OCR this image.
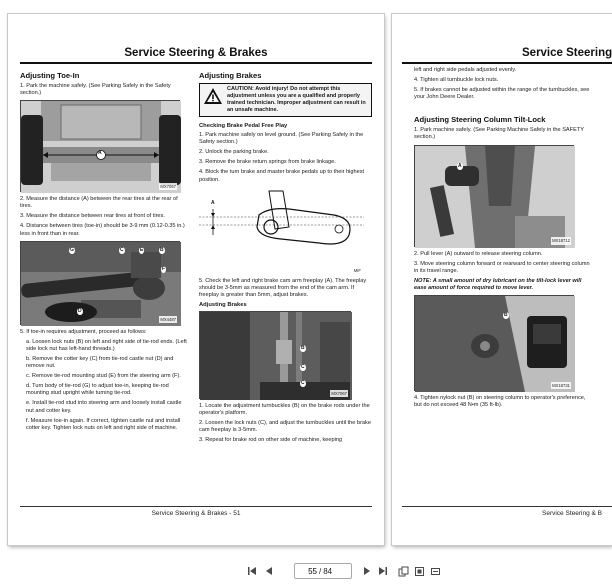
Service Steering & Brakes
Adjusting Toe-In

1. Park the machine safely. (See Parking Safely in the Safety section.)

A
MX7057

2. Measure the distance (A) between the rear tires at the rear of tires.

3. Measure the distance between rear tires at front of tires.

4. Distance between tires (toe-in) should be 3-9 mm (0.12-0.35 in.) less in front than in rear.

G	C	E	B
F
D
MX4487

5. If toe-in requires adjustment, proceed as follows:

a. Loosen lock nuts (B) on left and right side of tie-rod ends. (Left side lock nut has left-hand threads.)

b. Remove the cotter key (C) from tie-rod castle nut (D) and remove nut.

c. Remove tie-rod mounting stud (E) from the steering arm (F).

d. Turn body of tie-rod (G) to adjust toe-in, keeping tie-rod mounting stud upright while turning tie-rod.

e. Install tie-rod stud into steering arm and loosely install castle nut and cotter key.

f. Measure toe-in again. If correct, tighten castle nut and install cotter key. Tighten lock nuts on left and right side of machine.

Adjusting Brakes
CAUTION: Avoid injury! Do not attempt this adjustment unless you are a qualified and properly trained technician. Improper adjustment can result in an unsafe machine.
Checking Brake Pedal Free Play

1. Park machine safely on level ground. (See Parking Safely in the Safety section.)

2. Unlock the parking brake.

3. Remove the brake return springs from brake linkage.

4. Block the turn brake and master brake pedals up to their highest position.

A
MIF

5. Check the left and right brake cam arm freeplay (A). The freeplay should be 3-5mm as measured from the end of the cam arm. If freeplay is greater than 5mm, adjust brakes.

Adjusting Brakes
B
C
C
MX7067

1. Locate the adjustment turnbuckles (B) on the brake rods under the operator's platform.

2. Loosen the lock nuts (C), and adjust the turnbuckles until the brake cam freeplay is 3-5mm.

3. Repeat for brake rod on other side of machine, keeping

Service Steering & Brakes - 51
Service Steering

left and right side pedals adjusted evenly.

4. Tighten all turnbuckle lock nuts.

5. If brakes cannot be adjusted within the range of the turnbuckles, see your John Deere Dealer.

Adjusting Steering Column Tilt-Lock

1. Park machine safely. (See Parking Machine Safely in the SAFETY section.)

A
MX18712

2. Pull lever (A) outward to release steering column.

3. Move steering column forward or rearward to center steering column in its travel range.

NOTE: A small amount of dry lubricant on the tilt-lock lever will ease amount of force required to move lever.

B
MX18731

4. Tighten nylock nut (B) on steering column to operator's preference, but do not exceed 48 N•m (35 ft-lb).

Service Steering & B
55
/ 84
